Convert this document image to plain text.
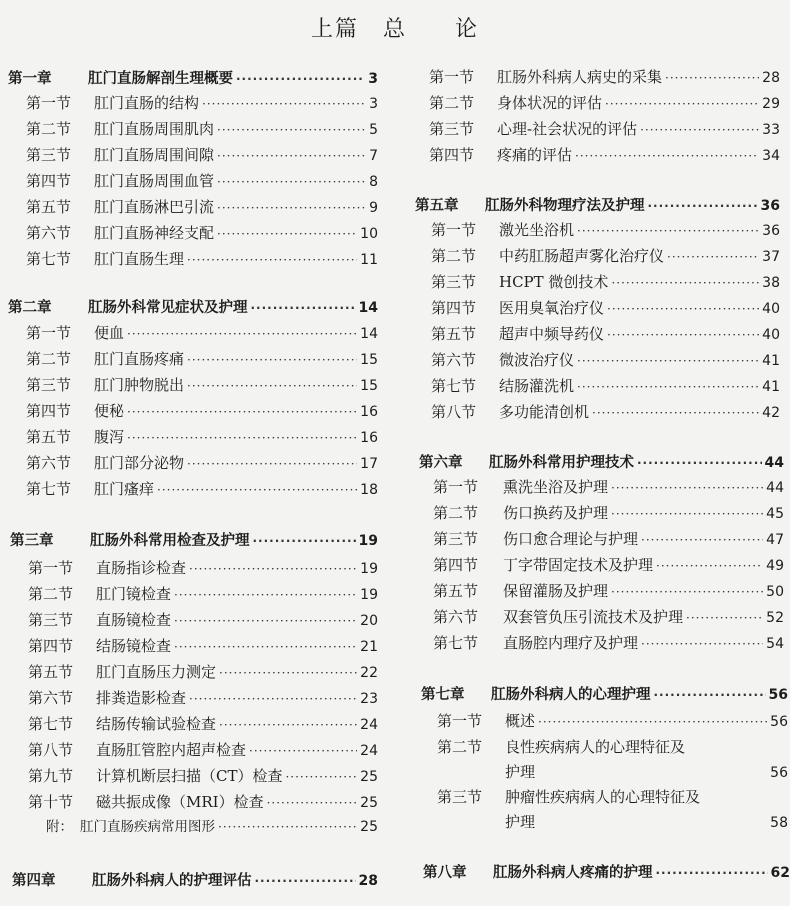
上篇　总　　论
第一章	肛门直肠解剖生理概要 ·····	3
第一节	肛门直肠的结构 ·····	3
第二节	肛门直肠周围肌肉 ·····	5
第三节	肛门直肠周围间隙 ·····	7
第四节	肛门直肠周围血管 ·····	8
第五节	肛门直肠淋巴引流 ·····	9
第六节	肛门直肠神经支配 ·····	10
第七节	肛门直肠生理 ·····	11
第二章	肛肠外科常见症状及护理 ·····	14
第一节	便血 ·····	14
第二节	肛门直肠疼痛 ·····	15
第三节	肛门肿物脱出 ·····	15
第四节	便秘 ·····	16
第五节	腹泻 ·····	16
第六节	肛门部分泌物 ·····	17
第七节	肛门瘙痒 ·····	18
第三章	肛肠外科常用检查及护理 ·····	19
第一节	直肠指诊检查 ·····	19
第二节	肛门镜检查 ·····	19
第三节	直肠镜检查 ·····	20
第四节	结肠镜检查 ·····	21
第五节	肛门直肠压力测定 ·····	22
第六节	排粪造影检查 ·····	23
第七节	结肠传输试验检查 ·····	24
第八节	直肠肛管腔内超声检查 ·····	24
第九节	计算机断层扫描（CT）检查 ·····	25
第十节	磁共振成像（MRI）检查 ·····	25
附： 肛门直肠疾病常用图形 ·····	25
第四章	肛肠外科病人的护理评估 ·····	28
第一节	肛肠外科病人病史的采集 ·····	28
第二节	身体状况的评估 ·····	29
第三节	心理-社会状况的评估 ·····	33
第四节	疼痛的评估 ·····	34
第五章	肛肠外科物理疗法及护理 ·····	36
第一节	激光坐浴机 ·····	36
第二节	中药肛肠超声雾化治疗仪 ·····	37
第三节	HCPT 微创技术 ·····	38
第四节	医用臭氧治疗仪 ·····	40
第五节	超声中频导药仪 ·····	40
第六节	微波治疗仪 ·····	41
第七节	结肠灌洗机 ·····	41
第八节	多功能清创机 ·····	42
第六章	肛肠外科常用护理技术 ·····	44
第一节	熏洗坐浴及护理 ·····	44
第二节	伤口换药及护理 ·····	45
第三节	伤口愈合理论与护理 ·····	47
第四节	丁字带固定技术及护理 ·····	49
第五节	保留灌肠及护理 ·····	50
第六节	双套管负压引流技术及护理 ·····	52
第七节	直肠腔内理疗及护理 ·····	54
第七章	肛肠外科病人的心理护理 ·····	56
第一节	概述 ·····	56
第二节	良性疾病病人的心理特征及
护理	56
第三节	肿瘤性疾病病人的心理特征及
护理	58
第八章	肛肠外科病人疼痛的护理 ·····	62
